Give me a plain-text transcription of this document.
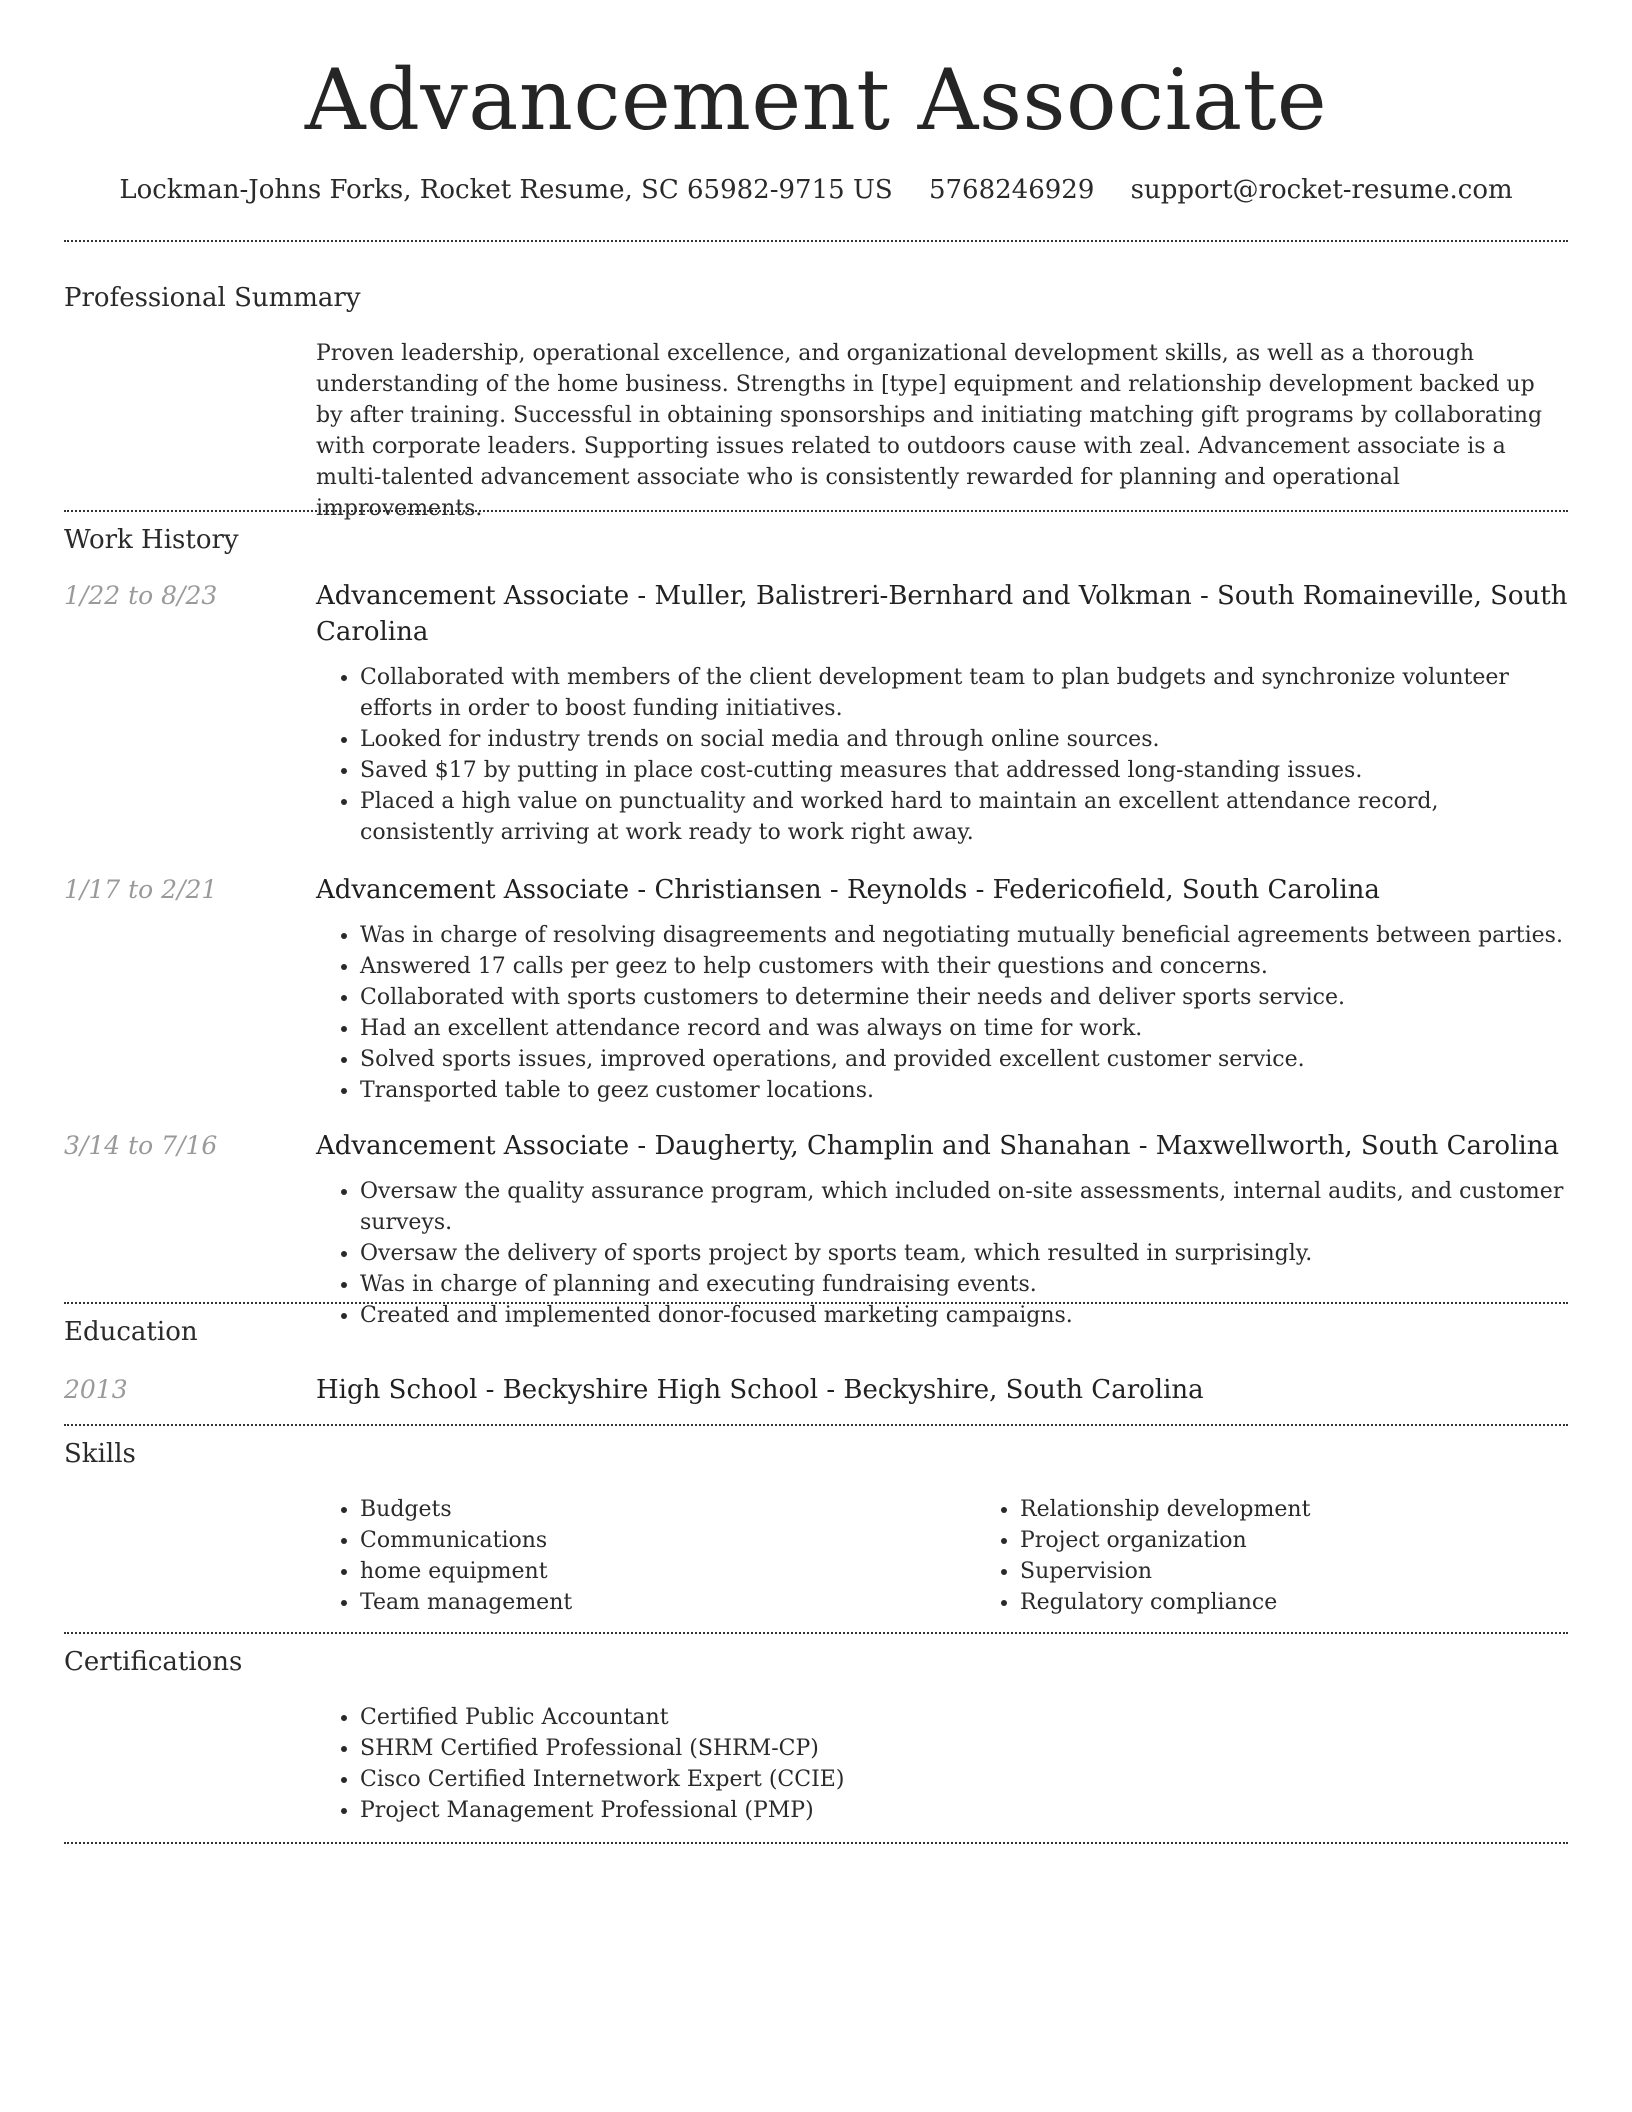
Advancement Associate
Lockman-Johns Forks, Rocket Resume, SC 65982-9715 US 5768246929 support@rocket-resume.com
Professional Summary

Proven leadership, operational excellence, and organizational development skills, as well as a thorough understanding of the home business. Strengths in [type] equipment and relationship development backed up by after training. Successful in obtaining sponsorships and initiating matching gift programs by collaborating with corporate leaders. Supporting issues related to outdoors cause with zeal. Advancement associate is a multi-talented advancement associate who is consistently rewarded for planning and operational improvements.

Work History
1/22 to 8/23	Advancement Associate - Muller, Balistreri-Bernhard and Volkman - South Romaineville, South Carolina
• Collaborated with members of the client development team to plan budgets and synchronize volunteer efforts in order to boost funding initiatives.
• Looked for industry trends on social media and through online sources.
• Saved $17 by putting in place cost-cutting measures that addressed long-standing issues.
• Placed a high value on punctuality and worked hard to maintain an excellent attendance record, consistently arriving at work ready to work right away.
1/17 to 2/21	Advancement Associate - Christiansen - Reynolds - Federicofield, South Carolina
• Was in charge of resolving disagreements and negotiating mutually beneficial agreements between parties.
• Answered 17 calls per geez to help customers with their questions and concerns.
• Collaborated with sports customers to determine their needs and deliver sports service.
• Had an excellent attendance record and was always on time for work.
• Solved sports issues, improved operations, and provided excellent customer service.
• Transported table to geez customer locations.
3/14 to 7/16	Advancement Associate - Daugherty, Champlin and Shanahan - Maxwellworth, South Carolina
• Oversaw the quality assurance program, which included on-site assessments, internal audits, and customer surveys.
• Oversaw the delivery of sports project by sports team, which resulted in surprisingly.
• Was in charge of planning and executing fundraising events.
• Created and implemented donor-focused marketing campaigns.
Education
2013	High School - Beckyshire High School - Beckyshire, South Carolina
Skills
• Budgets
• Communications
• home equipment
• Team management
• Relationship development
• Project organization
• Supervision
• Regulatory compliance
Certifications
• Certified Public Accountant
• SHRM Certified Professional (SHRM-CP)
• Cisco Certified Internetwork Expert (CCIE)
• Project Management Professional (PMP)
